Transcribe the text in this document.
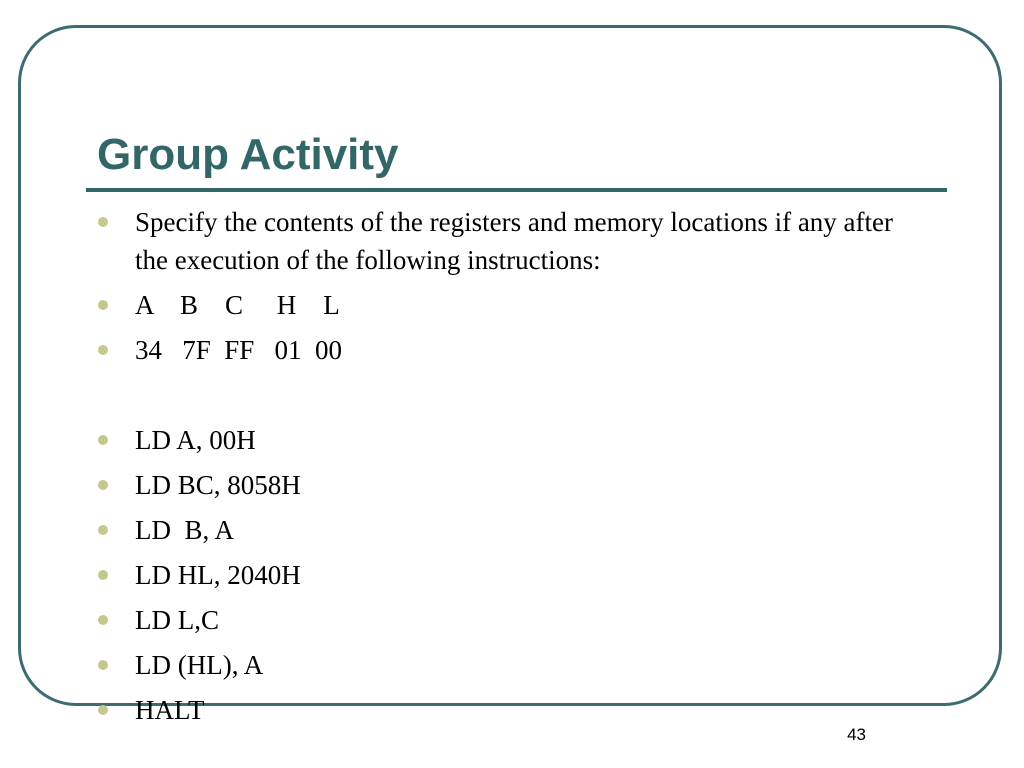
Group Activity
Specify the contents of the registers and memory locations if any after the execution of the following instructions:
A    B    C     H    L
34   7F  FF   01  00
LD A, 00H
LD BC, 8058H
LD  B, A
LD HL, 2040H
LD L,C
LD (HL), A
HALT
43
